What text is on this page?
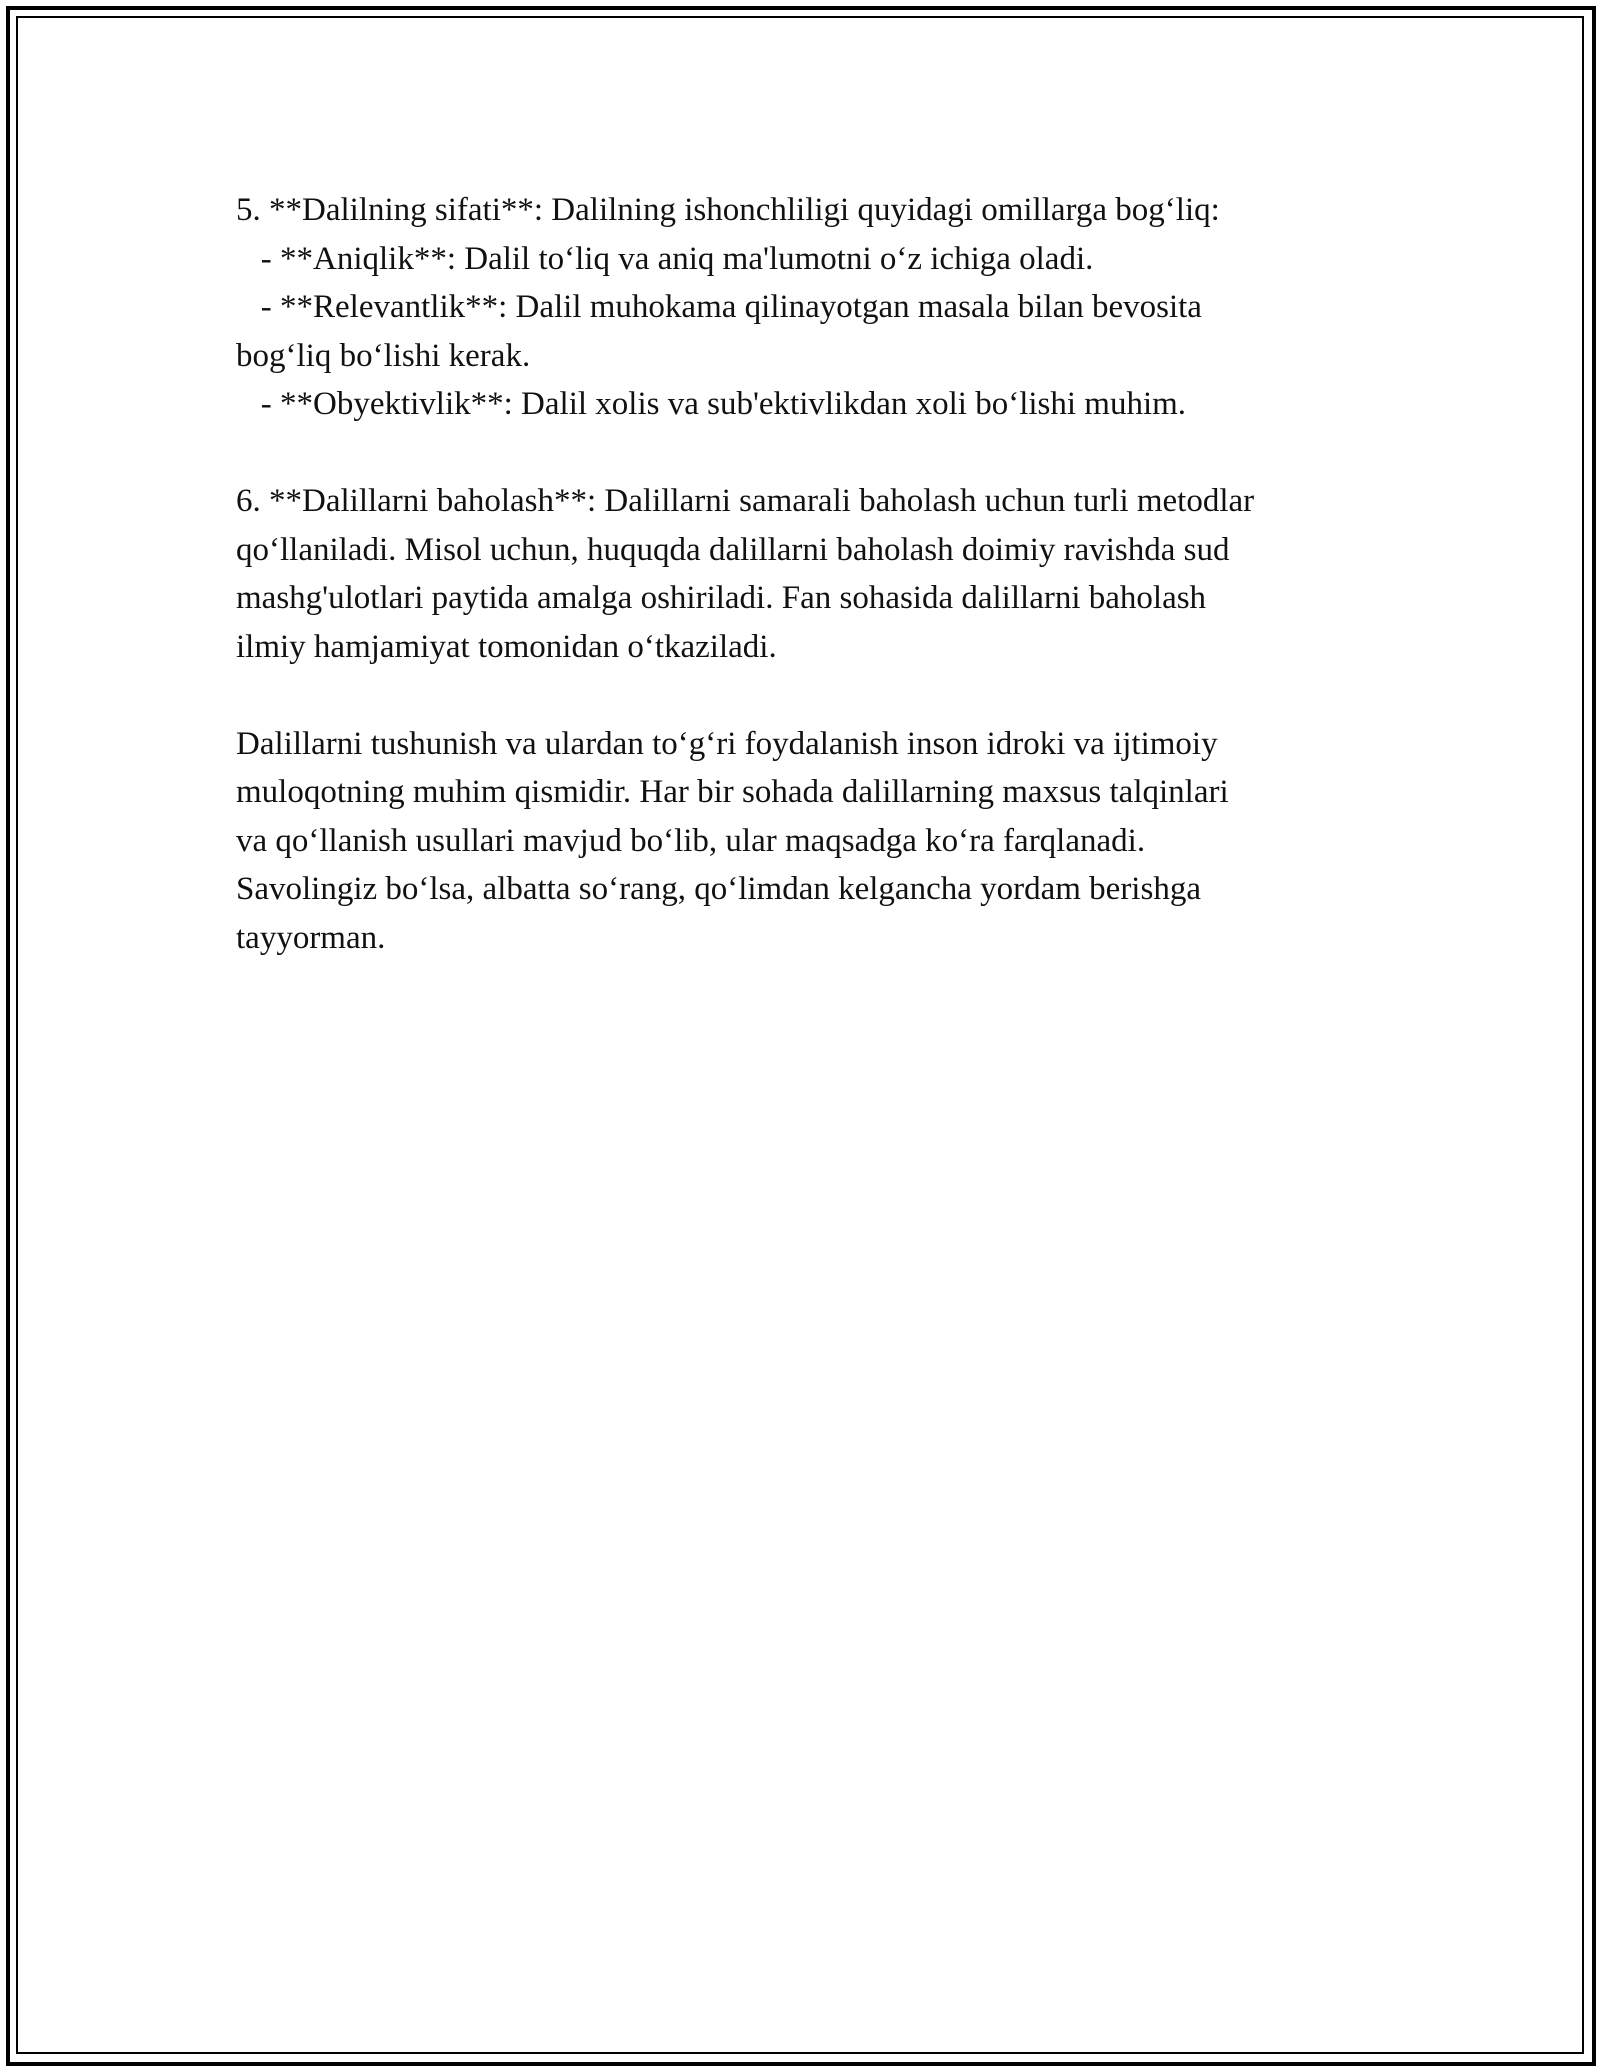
5. **Dalilning sifati**: Dalilning ishonchliligi quyidagi omillarga bog‘liq:
- **Aniqlik**: Dalil to‘liq va aniq ma'lumotni o‘z ichiga oladi.
- **Relevantlik**: Dalil muhokama qilinayotgan masala bilan bevosita
bog‘liq bo‘lishi kerak.
- **Obyektivlik**: Dalil xolis va sub'ektivlikdan xoli bo‘lishi muhim.
6. **Dalillarni baholash**: Dalillarni samarali baholash uchun turli metodlar
qo‘llaniladi. Misol uchun, huquqda dalillarni baholash doimiy ravishda sud
mashg'ulotlari paytida amalga oshiriladi. Fan sohasida dalillarni baholash
ilmiy hamjamiyat tomonidan o‘tkaziladi.
Dalillarni tushunish va ulardan to‘g‘ri foydalanish inson idroki va ijtimoiy
muloqotning muhim qismidir. Har bir sohada dalillarning maxsus talqinlari
va qo‘llanish usullari mavjud bo‘lib, ular maqsadga ko‘ra farqlanadi.
Savolingiz bo‘lsa, albatta so‘rang, qo‘limdan kelgancha yordam berishga
tayyorman.
